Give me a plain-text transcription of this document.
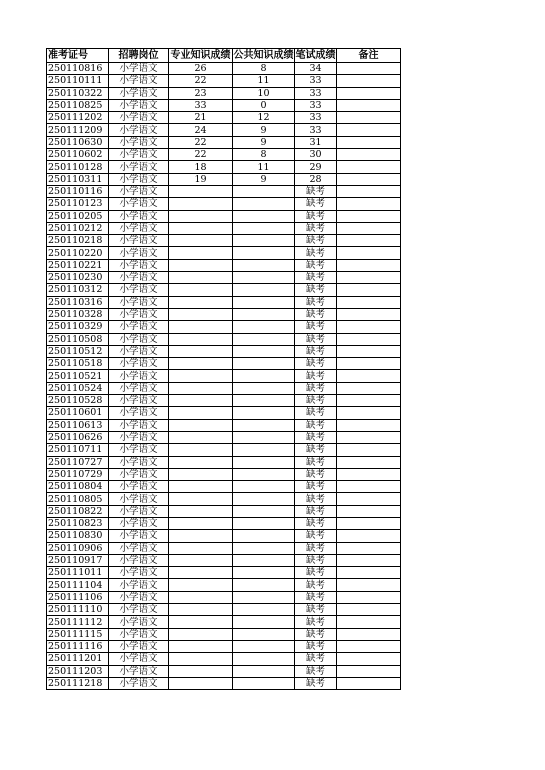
准考证号	招聘岗位	专业知识成绩	公共知识成绩	笔试成绩	备注
250110816	小学语文	26	8	34	
250110111	小学语文	22	11	33	
250110322	小学语文	23	10	33	
250110825	小学语文	33	0	33	
250111202	小学语文	21	12	33	
250111209	小学语文	24	9	33	
250110630	小学语文	22	9	31	
250110602	小学语文	22	8	30	
250110128	小学语文	18	11	29	
250110311	小学语文	19	9	28	
250110116	小学语文			缺考	
250110123	小学语文			缺考	
250110205	小学语文			缺考	
250110212	小学语文			缺考	
250110218	小学语文			缺考	
250110220	小学语文			缺考	
250110221	小学语文			缺考	
250110230	小学语文			缺考	
250110312	小学语文			缺考	
250110316	小学语文			缺考	
250110328	小学语文			缺考	
250110329	小学语文			缺考	
250110508	小学语文			缺考	
250110512	小学语文			缺考	
250110518	小学语文			缺考	
250110521	小学语文			缺考	
250110524	小学语文			缺考	
250110528	小学语文			缺考	
250110601	小学语文			缺考	
250110613	小学语文			缺考	
250110626	小学语文			缺考	
250110711	小学语文			缺考	
250110727	小学语文			缺考	
250110729	小学语文			缺考	
250110804	小学语文			缺考	
250110805	小学语文			缺考	
250110822	小学语文			缺考	
250110823	小学语文			缺考	
250110830	小学语文			缺考	
250110906	小学语文			缺考	
250110917	小学语文			缺考	
250111011	小学语文			缺考	
250111104	小学语文			缺考	
250111106	小学语文			缺考	
250111110	小学语文			缺考	
250111112	小学语文			缺考	
250111115	小学语文			缺考	
250111116	小学语文			缺考	
250111201	小学语文			缺考	
250111203	小学语文			缺考	
250111218	小学语文			缺考	
